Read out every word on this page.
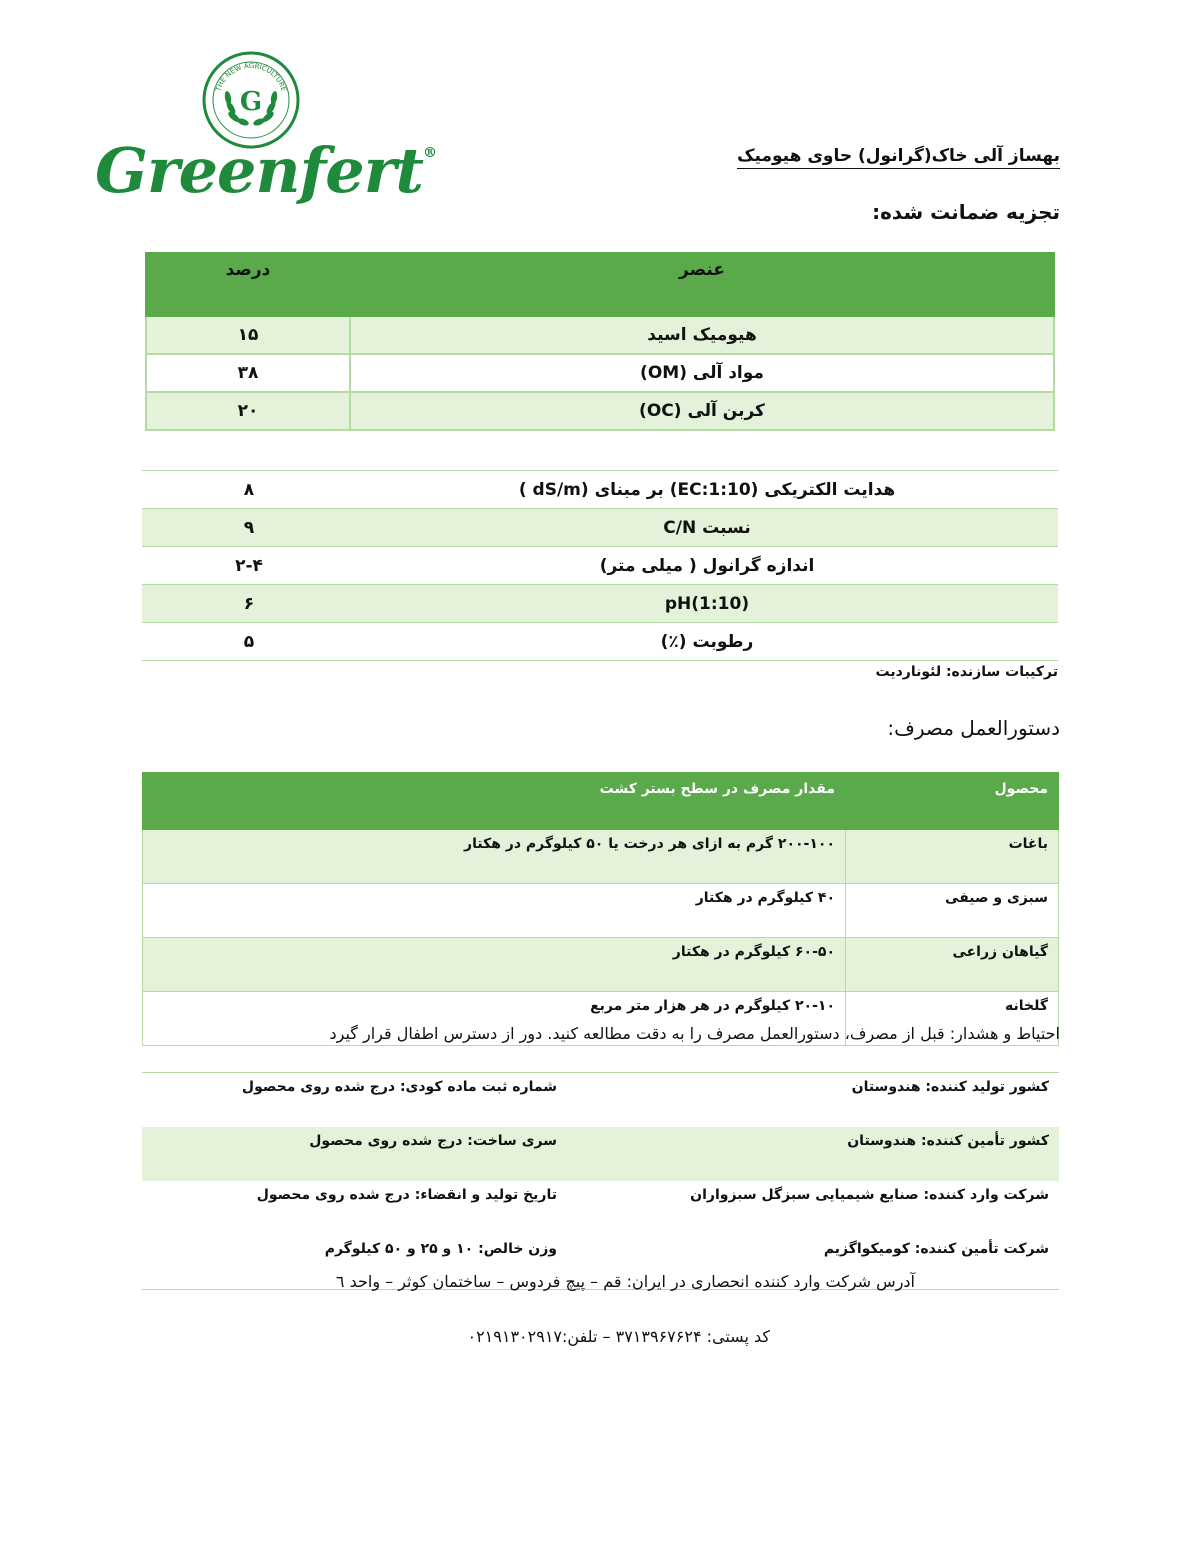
THE NEW AGRICULTURE
G
Greenfert®	بهساز آلی خاک(گرانول) حاوی هیومیک
تجزیه ضمانت شده:
عنصر	درصد
هیومیک اسید	۱۵
مواد آلی (OM)	۳۸
کربن آلی (OC)	۲۰
هدایت الکتریکی (EC:1:10) بر مبنای (dS/m )	۸
نسبت C/N	۹
اندازه گرانول ( میلی متر)	۲-۴
pH(1:10)	۶
رطوبت (٪)	۵
ترکیبات سازنده: لئوناردیت
دستورالعمل مصرف:
محصول	مقدار مصرف در سطح بستر کشت
باغات	۲۰۰-۱۰۰ گرم به ازای هر درخت یا ۵۰ کیلوگرم در هکتار
سبزی و صیفی	۴۰ کیلوگرم در هکتار
گیاهان زراعی	۶۰-۵۰ کیلوگرم در هکتار
گلخانه	۲۰-۱۰ کیلوگرم در هر هزار متر مربع
احتیاط و هشدار: قبل از مصرف، دستورالعمل مصرف را به دقت مطالعه کنید. دور از دسترس اطفال قرار گیرد
کشور تولید کننده: هندوستان	شماره ثبت ماده کودی: درج شده روی محصول
کشور تأمین کننده: هندوستان	سری ساخت: درج شده روی محصول
شرکت وارد کننده: صنایع شیمیایی سبزگل سبزواران	تاریخ تولید و انقضاء: درج شده روی محصول
شرکت تأمین کننده: کومیکواگزیم	وزن خالص: ۱۰ و ۲۵ و ۵۰ کیلوگرم
آدرس شرکت وارد کننده انحصاری در ایران: قم – پیچ فردوس – ساختمان کوثر – واحد ٦
کد پستی: ۳۷۱۳۹۶۷۶۲۴ – تلفن:۰۲۱۹۱۳۰۲۹۱۷
